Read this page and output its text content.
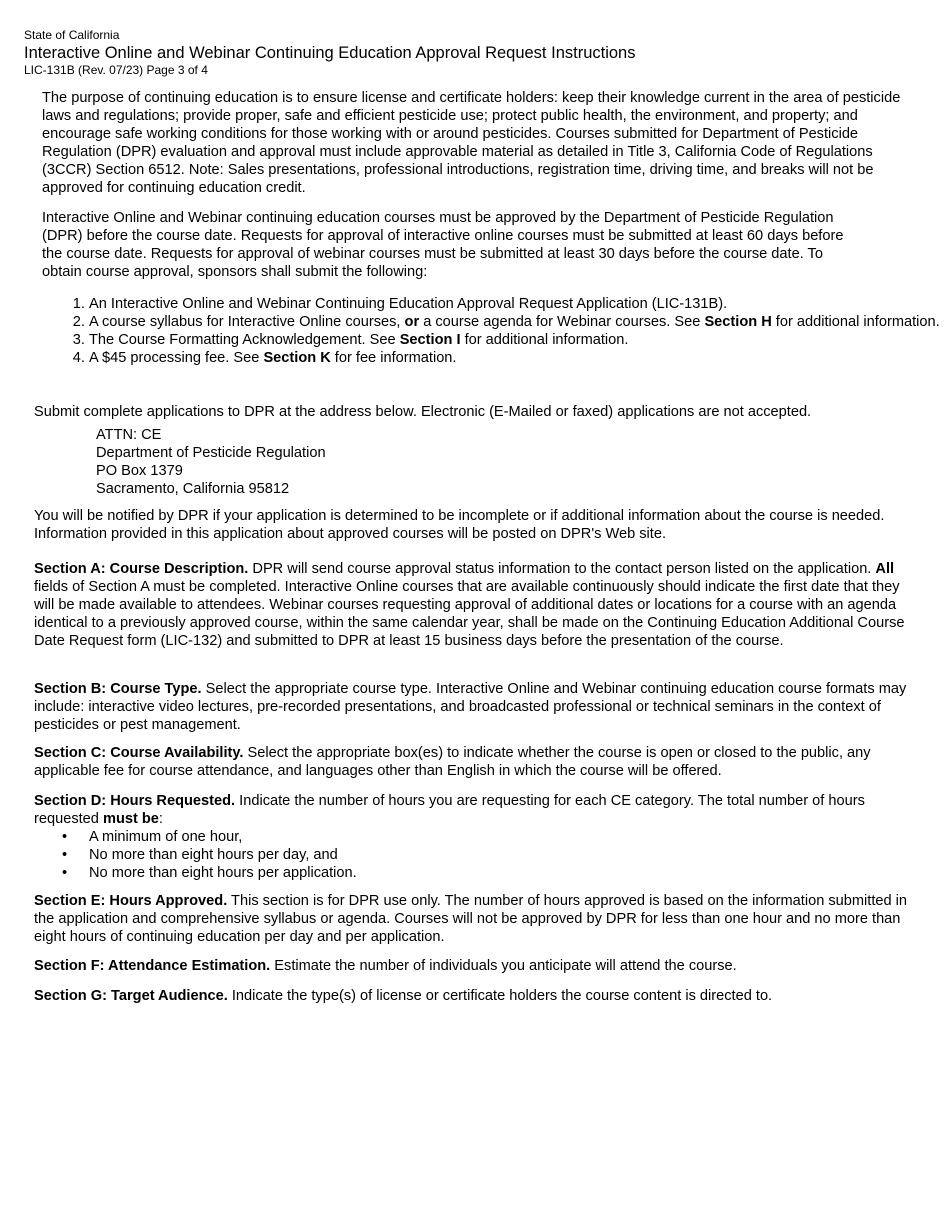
State of California
Interactive Online and Webinar Continuing Education Approval Request Instructions
LIC-131B (Rev. 07/23) Page 3 of 4

The purpose of continuing education is to ensure license and certificate holders: keep their knowledge current in the area of pesticide laws and regulations; provide proper, safe and efficient pesticide use; protect public health, the environment, and property; and encourage safe working conditions for those working with or around pesticides. Courses submitted for Department of Pesticide Regulation (DPR) evaluation and approval must include approvable material as detailed in Title 3, California Code of Regulations (3CCR) Section 6512. Note: Sales presentations, professional introductions, registration time, driving time, and breaks will not be approved for continuing education credit.

Interactive Online and Webinar continuing education courses must be approved by the Department of Pesticide Regulation (DPR) before the course date. Requests for approval of interactive online courses must be submitted at least 60 days before the course date. Requests for approval of webinar courses must be submitted at least 30 days before the course date. To obtain course approval, sponsors shall submit the following:

1. An Interactive Online and Webinar Continuing Education Approval Request Application (LIC-131B).
2. A course syllabus for Interactive Online courses, or a course agenda for Webinar courses. See Section H for additional information.
3. The Course Formatting Acknowledgement. See Section I for additional information.
4. A $45 processing fee. See Section K for fee information.

Submit complete applications to DPR at the address below. Electronic (E-Mailed or faxed) applications are not accepted.

ATTN: CE
Department of Pesticide Regulation
PO Box 1379
Sacramento, California 95812

You will be notified by DPR if your application is determined to be incomplete or if additional information about the course is needed. Information provided in this application about approved courses will be posted on DPR's Web site.

Section A: Course Description. DPR will send course approval status information to the contact person listed on the application. All fields of Section A must be completed. Interactive Online courses that are available continuously should indicate the first date that they will be made available to attendees. Webinar courses requesting approval of additional dates or locations for a course with an agenda identical to a previously approved course, within the same calendar year, shall be made on the Continuing Education Additional Course Date Request form (LIC-132) and submitted to DPR at least 15 business days before the presentation of the course.

Section B: Course Type. Select the appropriate course type. Interactive Online and Webinar continuing education course formats may include: interactive video lectures, pre-recorded presentations, and broadcasted professional or technical seminars in the context of pesticides or pest management.

Section C: Course Availability. Select the appropriate box(es) to indicate whether the course is open or closed to the public, any applicable fee for course attendance, and languages other than English in which the course will be offered.

Section D: Hours Requested. Indicate the number of hours you are requesting for each CE category. The total number of hours requested must be:
• A minimum of one hour,
• No more than eight hours per day, and
• No more than eight hours per application.

Section E: Hours Approved. This section is for DPR use only. The number of hours approved is based on the information submitted in the application and comprehensive syllabus or agenda. Courses will not be approved by DPR for less than one hour and no more than eight hours of continuing education per day and per application.

Section F: Attendance Estimation. Estimate the number of individuals you anticipate will attend the course.

Section G: Target Audience. Indicate the type(s) of license or certificate holders the course content is directed to.
